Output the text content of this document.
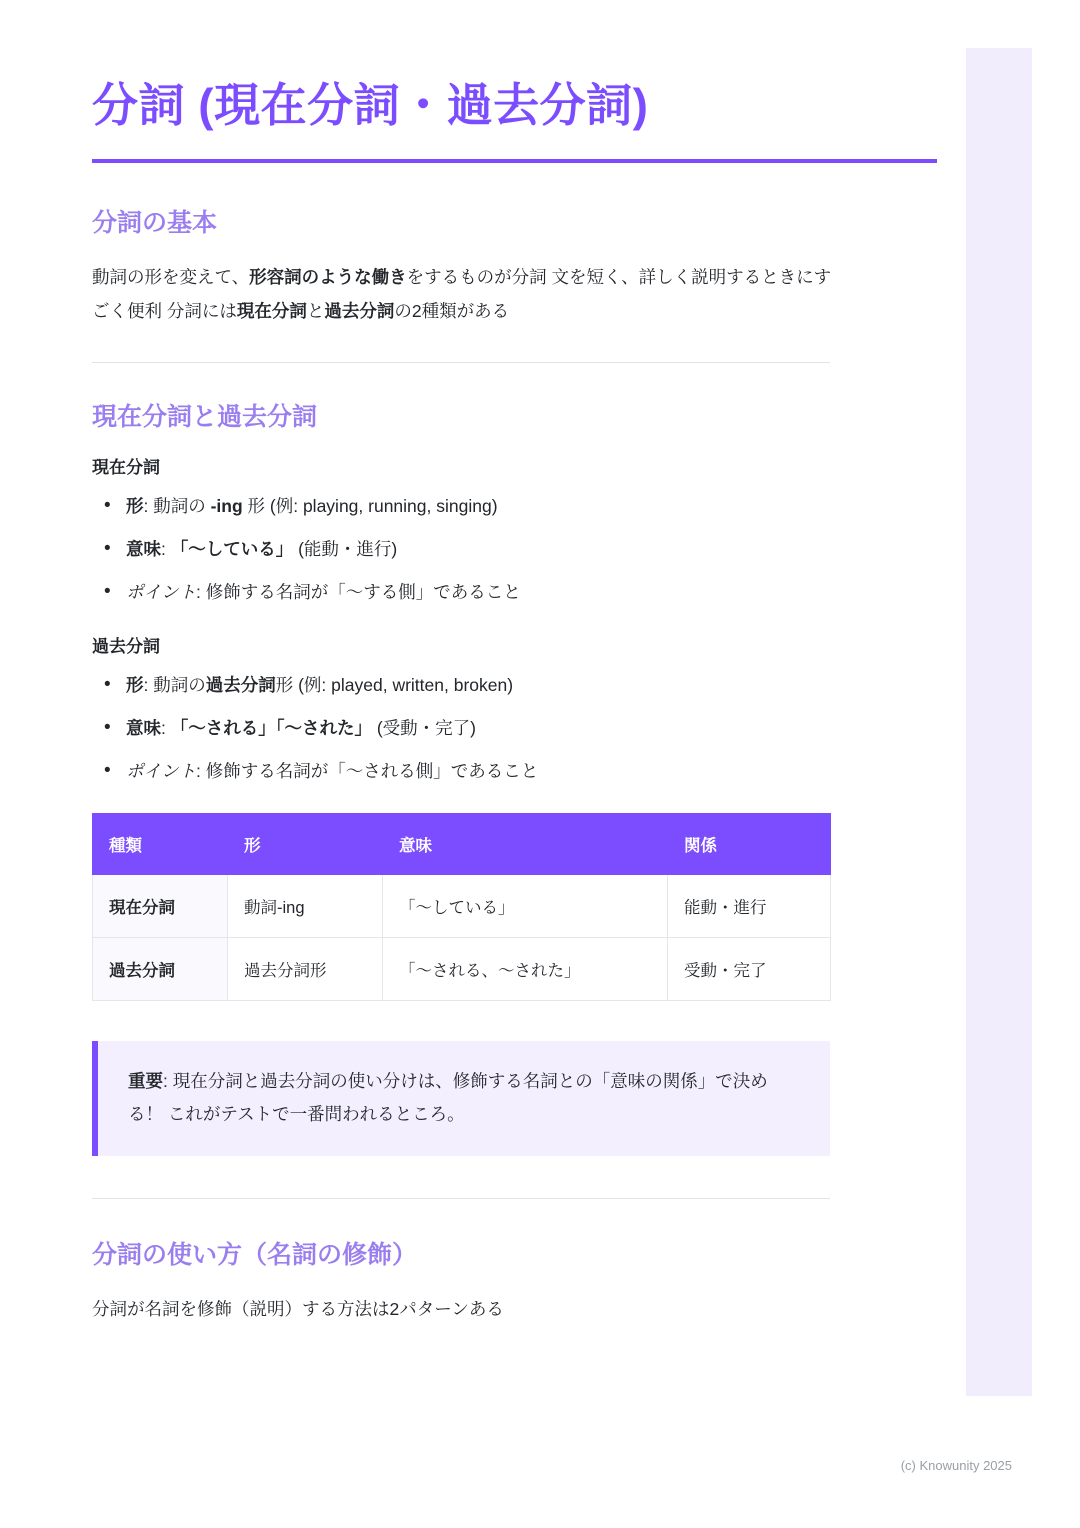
分詞 (現在分詞・過去分詞)
分詞の基本

動詞の形を変えて、形容詞のような働きをするものが分詞 文を短く、詳しく説明するときにすごく便利 分詞には現在分詞と過去分詞の2種類がある

現在分詞と過去分詞
現在分詞
• 形: 動詞の -ing 形 (例: playing, running, singing)
• 意味: 「〜している」 (能動・進行)
• ポイント: 修飾する名詞が「〜する側」であること
過去分詞
• 形: 動詞の過去分詞形 (例: played, written, broken)
• 意味: 「〜される」「〜された」 (受動・完了)
• ポイント: 修飾する名詞が「〜される側」であること
種類	形	意味	関係
現在分詞	動詞-ing	「〜している」	能動・進行
過去分詞	過去分詞形	「〜される、〜された」	受動・完了
重要: 現在分詞と過去分詞の使い分けは、修飾する名詞との「意味の関係」で決める！ これがテストで一番問われるところ。
分詞の使い方（名詞の修飾）

分詞が名詞を修飾（説明）する方法は2パターンある

(c) Knowunity 2025
